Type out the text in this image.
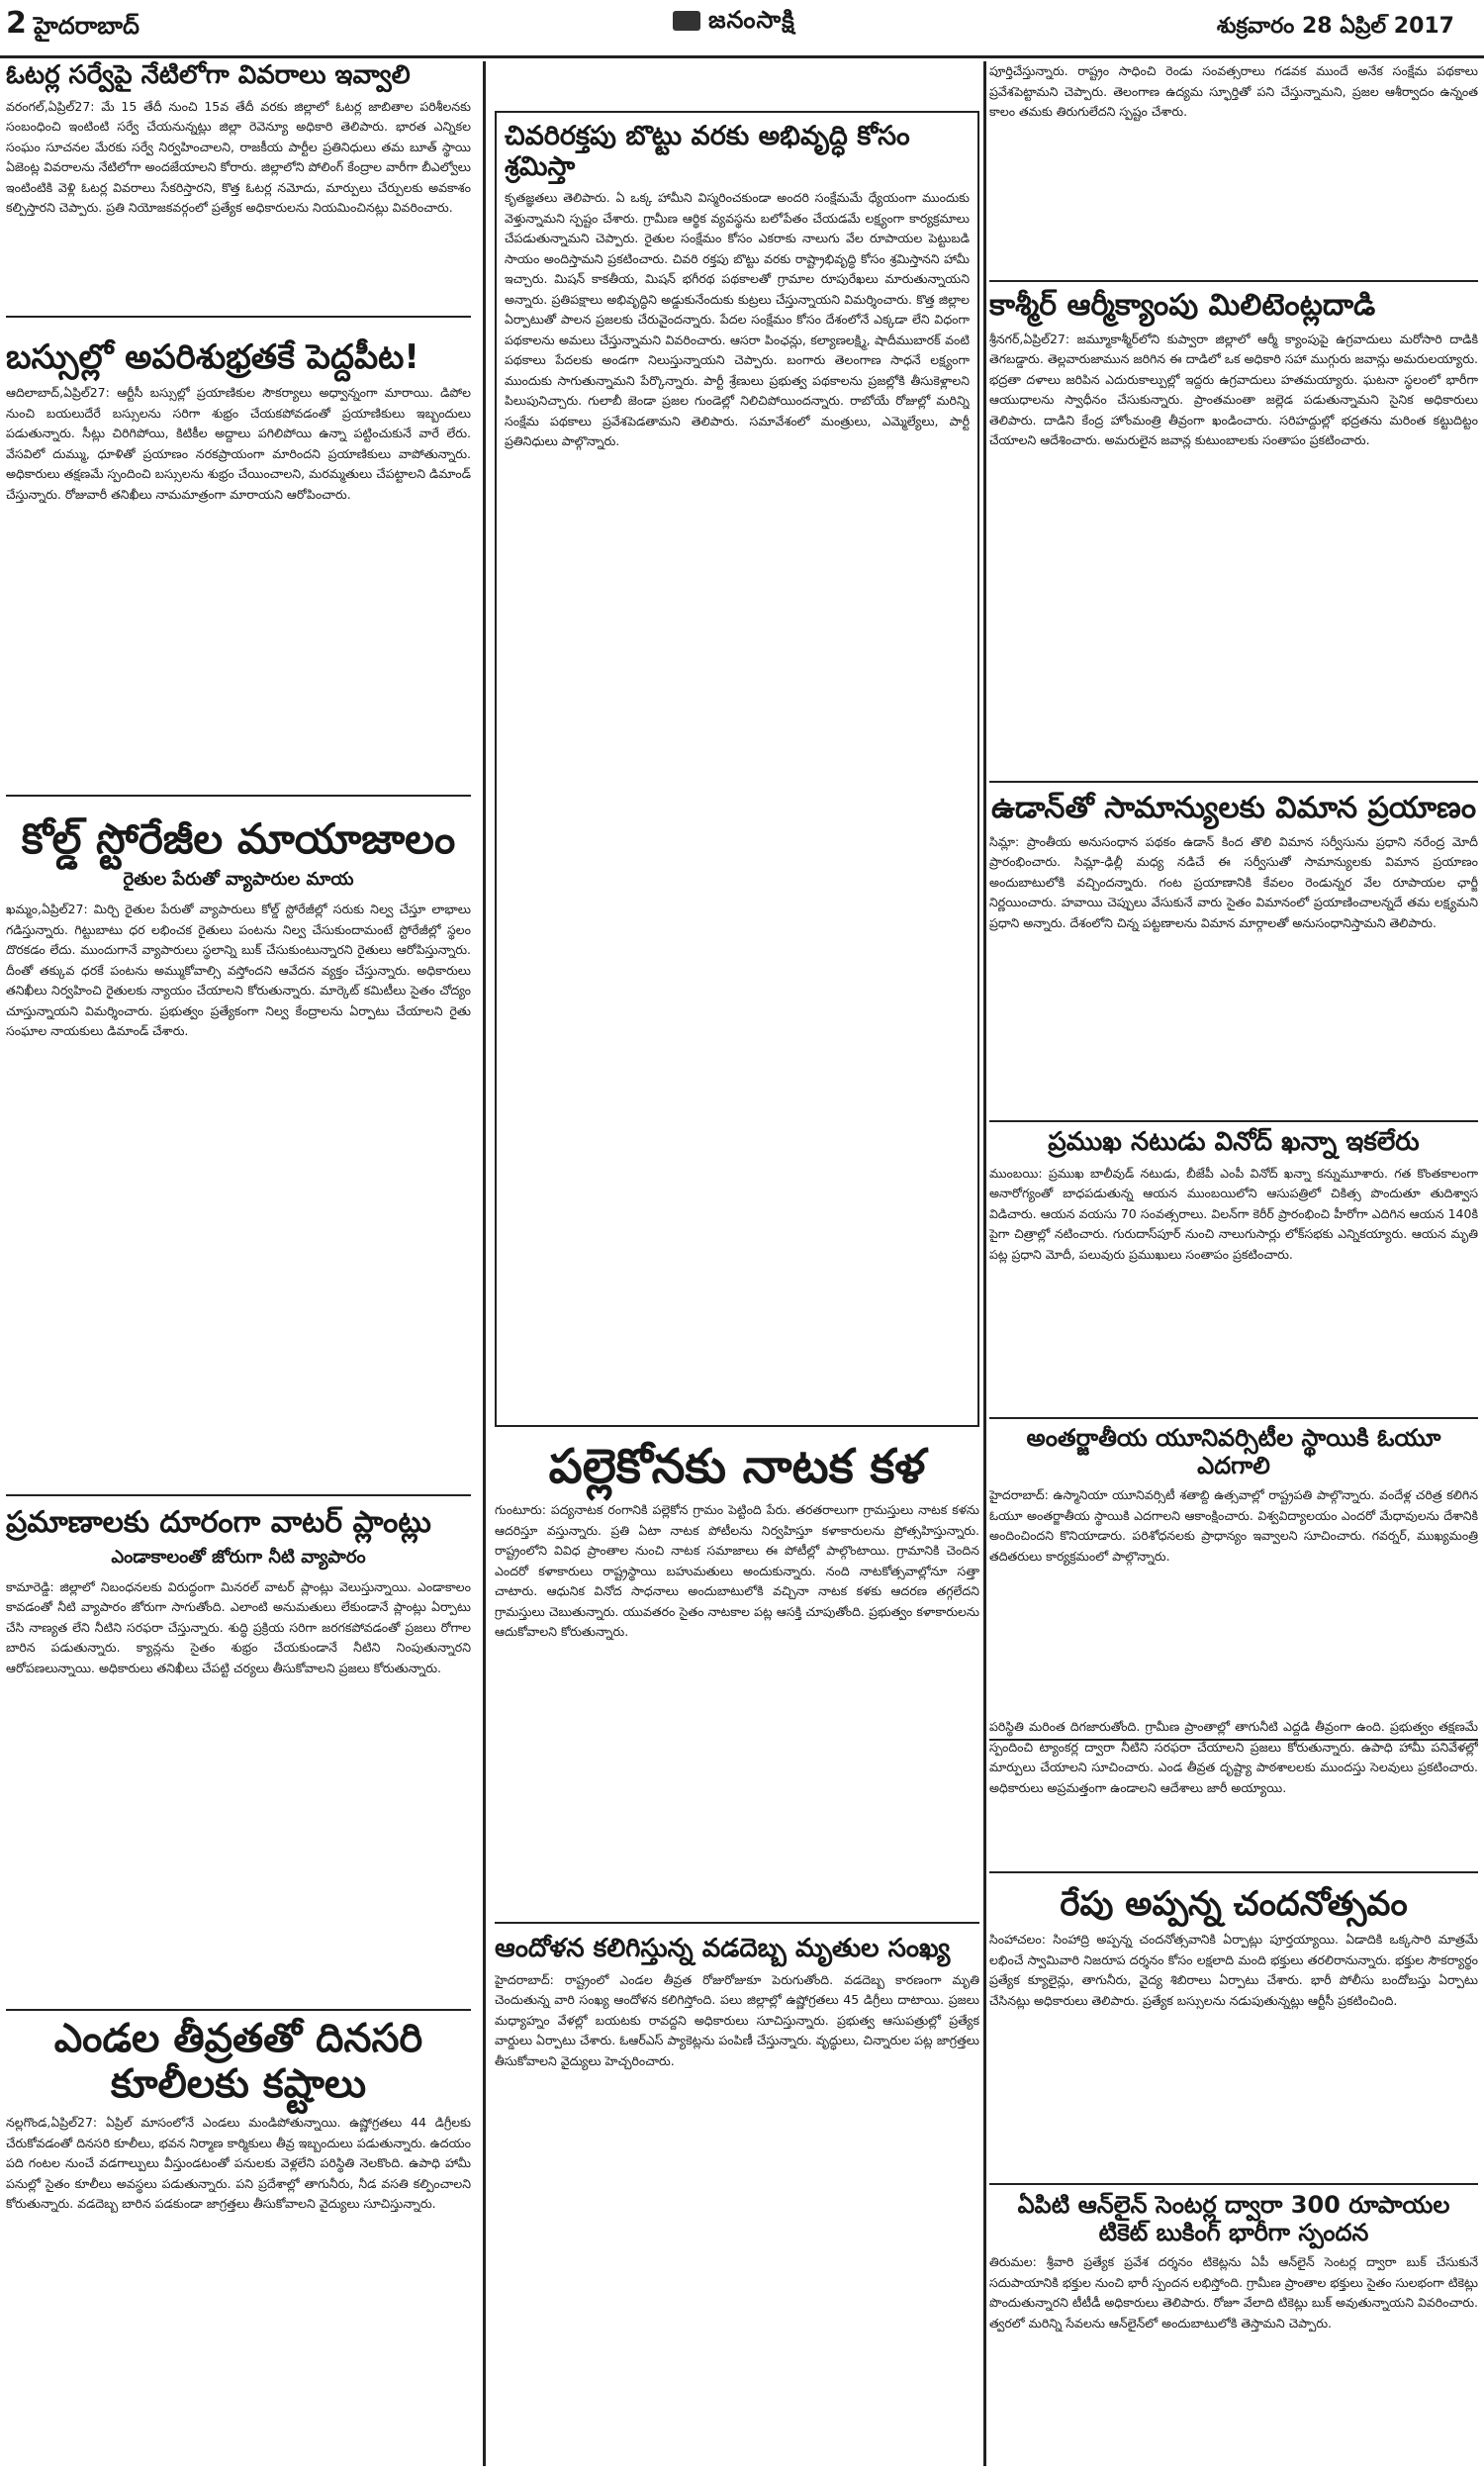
2 హైదరాబాద్	జనంసాక్షి	శుక్రవారం 28 ఏప్రిల్ 2017
ఓటర్ల సర్వేపై నేటిలోగా వివరాలు ఇవ్వాలి

వరంగల్,ఏప్రిల్27: మే 15 తేదీ నుంచి 15వ తేదీ వరకు జిల్లాలో ఓటర్ల జాబితాల పరిశీలనకు సంబంధించి ఇంటింటి సర్వే చేయనున్నట్లు జిల్లా రెవెన్యూ అధికారి తెలిపారు. భారత ఎన్నికల సంఘం సూచనల మేరకు సర్వే నిర్వహించాలని, రాజకీయ పార్టీల ప్రతినిధులు తమ బూత్ స్థాయి ఏజెంట్ల వివరాలను నేటిలోగా అందజేయాలని కోరారు. జిల్లాలోని పోలింగ్ కేంద్రాల వారీగా బీఎల్వోలు ఇంటింటికి వెళ్లి ఓటర్ల వివరాలు సేకరిస్తారని, కొత్త ఓటర్ల నమోదు, మార్పులు చేర్పులకు అవకాశం కల్పిస్తారని చెప్పారు. ప్రతి నియోజకవర్గంలో ప్రత్యేక అధికారులను నియమించినట్లు వివరించారు.

బస్సుల్లో అపరిశుభ్రతకే పెద్దపీట!

ఆదిలాబాద్,ఏప్రిల్27: ఆర్టీసీ బస్సుల్లో ప్రయాణికుల సౌకర్యాలు అధ్వాన్నంగా మారాయి. డిపోల నుంచి బయలుదేరే బస్సులను సరిగా శుభ్రం చేయకపోవడంతో ప్రయాణికులు ఇబ్బందులు పడుతున్నారు. సీట్లు చిరిగిపోయి, కిటికీల అద్దాలు పగిలిపోయి ఉన్నా పట్టించుకునే వారే లేరు. వేసవిలో దుమ్ము, ధూళితో ప్రయాణం నరకప్రాయంగా మారిందని ప్రయాణికులు వాపోతున్నారు. అధికారులు తక్షణమే స్పందించి బస్సులను శుభ్రం చేయించాలని, మరమ్మతులు చేపట్టాలని డిమాండ్ చేస్తున్నారు. రోజువారీ తనిఖీలు నామమాత్రంగా మారాయని ఆరోపించారు.

కోల్డ్ స్టోరేజీల మాయాజాలం
రైతుల పేరుతో వ్యాపారుల మాయ

ఖమ్మం,ఏప్రిల్27: మిర్చి రైతుల పేరుతో వ్యాపారులు కోల్డ్ స్టోరేజీల్లో సరుకు నిల్వ చేస్తూ లాభాలు గడిస్తున్నారు. గిట్టుబాటు ధర లభించక రైతులు పంటను నిల్వ చేసుకుందామంటే స్టోరేజీల్లో స్థలం దొరకడం లేదు. ముందుగానే వ్యాపారులు స్థలాన్ని బుక్ చేసుకుంటున్నారని రైతులు ఆరోపిస్తున్నారు. దీంతో తక్కువ ధరకే పంటను అమ్ముకోవాల్సి వస్తోందని ఆవేదన వ్యక్తం చేస్తున్నారు. అధికారులు తనిఖీలు నిర్వహించి రైతులకు న్యాయం చేయాలని కోరుతున్నారు. మార్కెట్ కమిటీలు సైతం చోద్యం చూస్తున్నాయని విమర్శించారు. ప్రభుత్వం ప్రత్యేకంగా నిల్వ కేంద్రాలను ఏర్పాటు చేయాలని రైతు సంఘాల నాయకులు డిమాండ్ చేశారు.

ప్రమాణాలకు దూరంగా వాటర్ ప్లాంట్లు
ఎండాకాలంతో జోరుగా నీటి వ్యాపారం

కామారెడ్డి: జిల్లాలో నిబంధనలకు విరుద్ధంగా మినరల్ వాటర్ ప్లాంట్లు వెలుస్తున్నాయి. ఎండాకాలం కావడంతో నీటి వ్యాపారం జోరుగా సాగుతోంది. ఎలాంటి అనుమతులు లేకుండానే ప్లాంట్లు ఏర్పాటు చేసి నాణ్యత లేని నీటిని సరఫరా చేస్తున్నారు. శుద్ధి ప్రక్రియ సరిగా జరగకపోవడంతో ప్రజలు రోగాల బారిన పడుతున్నారు. క్యాన్లను సైతం శుభ్రం చేయకుండానే నీటిని నింపుతున్నారని ఆరోపణలున్నాయి. అధికారులు తనిఖీలు చేపట్టి చర్యలు తీసుకోవాలని ప్రజలు కోరుతున్నారు.

ఎండల తీవ్రతతో దినసరి కూలీలకు కష్టాలు

నల్లగొండ,ఏప్రిల్27: ఏప్రిల్ మాసంలోనే ఎండలు మండిపోతున్నాయి. ఉష్ణోగ్రతలు 44 డిగ్రీలకు చేరుకోవడంతో దినసరి కూలీలు, భవన నిర్మాణ కార్మికులు తీవ్ర ఇబ్బందులు పడుతున్నారు. ఉదయం పది గంటల నుంచే వడగాల్పులు వీస్తుండటంతో పనులకు వెళ్లలేని పరిస్థితి నెలకొంది. ఉపాధి హామీ పనుల్లో సైతం కూలీలు అవస్థలు పడుతున్నారు. పని ప్రదేశాల్లో తాగునీరు, నీడ వసతి కల్పించాలని కోరుతున్నారు. వడదెబ్బ బారిన పడకుండా జాగ్రత్తలు తీసుకోవాలని వైద్యులు సూచిస్తున్నారు.

చివరిరక్తపు బొట్టు వరకు అభివృద్ధి కోసం శ్రమిస్తా

కృతజ్ఞతలు తెలిపారు. ఏ ఒక్క హామీని విస్మరించకుండా అందరి సంక్షేమమే ధ్యేయంగా ముందుకు వెళ్తున్నామని స్పష్టం చేశారు. గ్రామీణ ఆర్థిక వ్యవస్థను బలోపేతం చేయడమే లక్ష్యంగా కార్యక్రమాలు చేపడుతున్నామని చెప్పారు. రైతుల సంక్షేమం కోసం ఎకరాకు నాలుగు వేల రూపాయల పెట్టుబడి సాయం అందిస్తామని ప్రకటించారు. చివరి రక్తపు బొట్టు వరకు రాష్ట్రాభివృద్ధి కోసం శ్రమిస్తానని హామీ ఇచ్చారు. మిషన్ కాకతీయ, మిషన్ భగీరథ పథకాలతో గ్రామాల రూపురేఖలు మారుతున్నాయని అన్నారు. ప్రతిపక్షాలు అభివృద్ధిని అడ్డుకునేందుకు కుట్రలు చేస్తున్నాయని విమర్శించారు. కొత్త జిల్లాల ఏర్పాటుతో పాలన ప్రజలకు చేరువైందన్నారు. పేదల సంక్షేమం కోసం దేశంలోనే ఎక్కడా లేని విధంగా పథకాలను అమలు చేస్తున్నామని వివరించారు. ఆసరా పింఛన్లు, కల్యాణలక్ష్మి, షాదీముబారక్ వంటి పథకాలు పేదలకు అండగా నిలుస్తున్నాయని చెప్పారు. బంగారు తెలంగాణ సాధనే లక్ష్యంగా ముందుకు సాగుతున్నామని పేర్కొన్నారు. పార్టీ శ్రేణులు ప్రభుత్వ పథకాలను ప్రజల్లోకి తీసుకెళ్లాలని పిలుపునిచ్చారు. గులాబీ జెండా ప్రజల గుండెల్లో నిలిచిపోయిందన్నారు. రాబోయే రోజుల్లో మరిన్ని సంక్షేమ పథకాలు ప్రవేశపెడతామని తెలిపారు. సమావేశంలో మంత్రులు, ఎమ్మెల్యేలు, పార్టీ ప్రతినిధులు పాల్గొన్నారు.

పల్లెకోనకు నాటక కళ

గుంటూరు: పద్యనాటక రంగానికి పల్లెకోన గ్రామం పెట్టింది పేరు. తరతరాలుగా గ్రామస్తులు నాటక కళను ఆదరిస్తూ వస్తున్నారు. ప్రతి ఏటా నాటక పోటీలను నిర్వహిస్తూ కళాకారులను ప్రోత్సహిస్తున్నారు. రాష్ట్రంలోని వివిధ ప్రాంతాల నుంచి నాటక సమాజాలు ఈ పోటీల్లో పాల్గొంటాయి. గ్రామానికి చెందిన ఎందరో కళాకారులు రాష్ట్రస్థాయి బహుమతులు అందుకున్నారు. నంది నాటకోత్సవాల్లోనూ సత్తా చాటారు. ఆధునిక వినోద సాధనాలు అందుబాటులోకి వచ్చినా నాటక కళకు ఆదరణ తగ్గలేదని గ్రామస్తులు చెబుతున్నారు. యువతరం సైతం నాటకాల పట్ల ఆసక్తి చూపుతోంది. ప్రభుత్వం కళాకారులను ఆదుకోవాలని కోరుతున్నారు.

ఆందోళన కలిగిస్తున్న వడదెబ్బ మృతుల సంఖ్య

హైదరాబాద్: రాష్ట్రంలో ఎండల తీవ్రత రోజురోజుకూ పెరుగుతోంది. వడదెబ్బ కారణంగా మృతి చెందుతున్న వారి సంఖ్య ఆందోళన కలిగిస్తోంది. పలు జిల్లాల్లో ఉష్ణోగ్రతలు 45 డిగ్రీలు దాటాయి. ప్రజలు మధ్యాహ్నం వేళల్లో బయటకు రావద్దని అధికారులు సూచిస్తున్నారు. ప్రభుత్వ ఆసుపత్రుల్లో ప్రత్యేక వార్డులు ఏర్పాటు చేశారు. ఓఆర్ఎస్ ప్యాకెట్లను పంపిణీ చేస్తున్నారు. వృద్ధులు, చిన్నారుల పట్ల జాగ్రత్తలు తీసుకోవాలని వైద్యులు హెచ్చరించారు.

పూర్తిచేస్తున్నారు. రాష్ట్రం సాధించి రెండు సంవత్సరాలు గడవక ముందే అనేక సంక్షేమ పథకాలు ప్రవేశపెట్టామని చెప్పారు. తెలంగాణ ఉద్యమ స్ఫూర్తితో పని చేస్తున్నామని, ప్రజల ఆశీర్వాదం ఉన్నంత కాలం తమకు తిరుగులేదని స్పష్టం చేశారు.

కాశ్మీర్ ఆర్మీక్యాంపు మిలిటెంట్లదాడి

శ్రీనగర్,ఏప్రిల్27: జమ్మూకాశ్మీర్‌లోని కుప్వారా జిల్లాలో ఆర్మీ క్యాంపుపై ఉగ్రవాదులు మరోసారి దాడికి తెగబడ్డారు. తెల్లవారుజామున జరిగిన ఈ దాడిలో ఒక అధికారి సహా ముగ్గురు జవాన్లు అమరులయ్యారు. భద్రతా దళాలు జరిపిన ఎదురుకాల్పుల్లో ఇద్దరు ఉగ్రవాదులు హతమయ్యారు. ఘటనా స్థలంలో భారీగా ఆయుధాలను స్వాధీనం చేసుకున్నారు. ప్రాంతమంతా జల్లెడ పడుతున్నామని సైనిక అధికారులు తెలిపారు. దాడిని కేంద్ర హోంమంత్రి తీవ్రంగా ఖండించారు. సరిహద్దుల్లో భద్రతను మరింత కట్టుదిట్టం చేయాలని ఆదేశించారు. అమరులైన జవాన్ల కుటుంబాలకు సంతాపం ప్రకటించారు.

ఉడాన్‌తో సామాన్యులకు విమాన ప్రయాణం

సిమ్లా: ప్రాంతీయ అనుసంధాన పథకం ఉడాన్ కింద తొలి విమాన సర్వీసును ప్రధాని నరేంద్ర మోదీ ప్రారంభించారు. సిమ్లా-ఢిల్లీ మధ్య నడిచే ఈ సర్వీసుతో సామాన్యులకు విమాన ప్రయాణం అందుబాటులోకి వచ్చిందన్నారు. గంట ప్రయాణానికి కేవలం రెండున్నర వేల రూపాయల ఛార్జీ నిర్ణయించారు. హవాయి చెప్పులు వేసుకునే వారు సైతం విమానంలో ప్రయాణించాలన్నదే తమ లక్ష్యమని ప్రధాని అన్నారు. దేశంలోని చిన్న పట్టణాలను విమాన మార్గాలతో అనుసంధానిస్తామని తెలిపారు.

ప్రముఖ నటుడు వినోద్ ఖన్నా ఇకలేరు

ముంబయి: ప్రముఖ బాలీవుడ్ నటుడు, బీజేపీ ఎంపీ వినోద్ ఖన్నా కన్నుమూశారు. గత కొంతకాలంగా అనారోగ్యంతో బాధపడుతున్న ఆయన ముంబయిలోని ఆసుపత్రిలో చికిత్స పొందుతూ తుదిశ్వాస విడిచారు. ఆయన వయసు 70 సంవత్సరాలు. విలన్‌గా కెరీర్ ప్రారంభించి హీరోగా ఎదిగిన ఆయన 140కి పైగా చిత్రాల్లో నటించారు. గురుదాస్‌పూర్ నుంచి నాలుగుసార్లు లోక్‌సభకు ఎన్నికయ్యారు. ఆయన మృతి పట్ల ప్రధాని మోదీ, పలువురు ప్రముఖులు సంతాపం ప్రకటించారు.

అంతర్జాతీయ యూనివర్సిటీల స్థాయికి ఓయూ ఎదగాలి

హైదరాబాద్: ఉస్మానియా యూనివర్సిటీ శతాబ్ది ఉత్సవాల్లో రాష్ట్రపతి పాల్గొన్నారు. వందేళ్ల చరిత్ర కలిగిన ఓయూ అంతర్జాతీయ స్థాయికి ఎదగాలని ఆకాంక్షించారు. విశ్వవిద్యాలయం ఎందరో మేధావులను దేశానికి అందించిందని కొనియాడారు. పరిశోధనలకు ప్రాధాన్యం ఇవ్వాలని సూచించారు. గవర్నర్, ముఖ్యమంత్రి తదితరులు కార్యక్రమంలో పాల్గొన్నారు.

పరిస్థితి మరింత దిగజారుతోంది. గ్రామీణ ప్రాంతాల్లో తాగునీటి ఎద్దడి తీవ్రంగా ఉంది. ప్రభుత్వం తక్షణమే స్పందించి ట్యాంకర్ల ద్వారా నీటిని సరఫరా చేయాలని ప్రజలు కోరుతున్నారు. ఉపాధి హామీ పనివేళల్లో మార్పులు చేయాలని సూచించారు. ఎండ తీవ్రత దృష్ట్యా పాఠశాలలకు ముందస్తు సెలవులు ప్రకటించారు. అధికారులు అప్రమత్తంగా ఉండాలని ఆదేశాలు జారీ అయ్యాయి.

రేపు అప్పన్న చందనోత్సవం

సింహాచలం: సింహాద్రి అప్పన్న చందనోత్సవానికి ఏర్పాట్లు పూర్తయ్యాయి. ఏడాదికి ఒక్కసారి మాత్రమే లభించే స్వామివారి నిజరూప దర్శనం కోసం లక్షలాది మంది భక్తులు తరలిరానున్నారు. భక్తుల సౌకర్యార్థం ప్రత్యేక క్యూలైన్లు, తాగునీరు, వైద్య శిబిరాలు ఏర్పాటు చేశారు. భారీ పోలీసు బందోబస్తు ఏర్పాటు చేసినట్లు అధికారులు తెలిపారు. ప్రత్యేక బస్సులను నడుపుతున్నట్లు ఆర్టీసీ ప్రకటించింది.

ఏపిటి ఆన్‌లైన్ సెంటర్ల ద్వారా 300 రూపాయల టికెట్ బుకింగ్ భారీగా స్పందన

తిరుమల: శ్రీవారి ప్రత్యేక ప్రవేశ దర్శనం టికెట్లను ఏపీ ఆన్‌లైన్ సెంటర్ల ద్వారా బుక్ చేసుకునే సదుపాయానికి భక్తుల నుంచి భారీ స్పందన లభిస్తోంది. గ్రామీణ ప్రాంతాల భక్తులు సైతం సులభంగా టికెట్లు పొందుతున్నారని టీటీడీ అధికారులు తెలిపారు. రోజూ వేలాది టికెట్లు బుక్ అవుతున్నాయని వివరించారు. త్వరలో మరిన్ని సేవలను ఆన్‌లైన్‌లో అందుబాటులోకి తెస్తామని చెప్పారు.
